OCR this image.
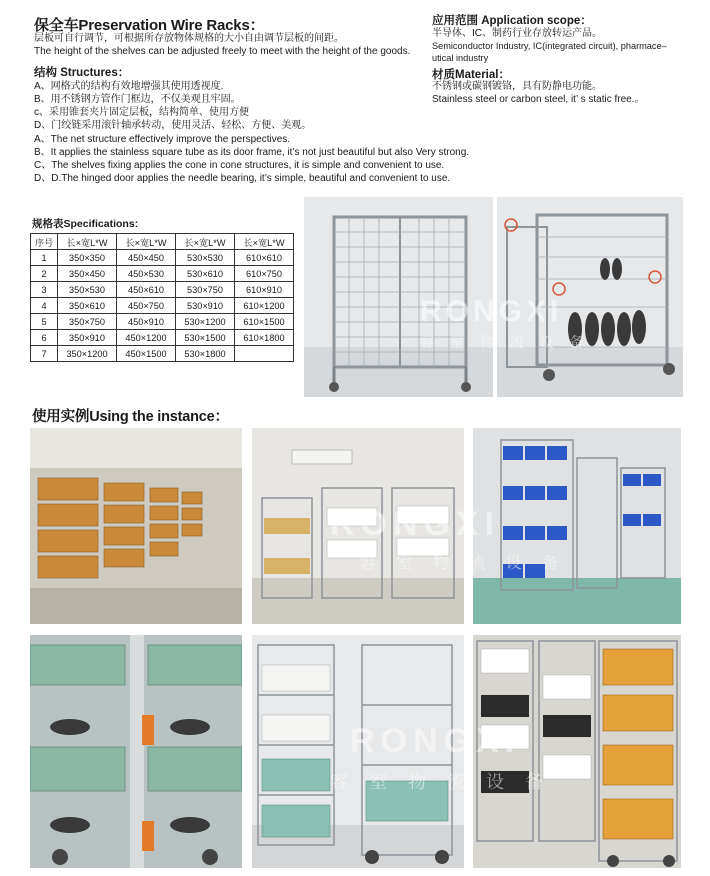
保全车Preservation Wire Racks：
层板可自行调节，可根据所存放物体规格的大小自由调节层板的间距。
The height of the shelves can be adjusted freely to meet with the height of the goods.
结构 Structures：
A、网格式的结构有效地增强其使用透视度.
B、用不锈钢方管作门框边，不仅美观且牢固。
c、采用锥套夹片固定层板，结构简单、使用方便
D、门绞链采用滚针轴承转动，使用灵活、轻松、方便、美观。
A、The net structure effectively improve the perspectives.
B、It applies the stainless square tube as its door frame, it’s not just beautiful but also Very strong.
C、The shelves fixing applies the cone in cone structures, it is simple and convenient to use.
D、D.The hinged door applies the needle bearing, it’s simple, beautiful and convenient to use.
应用范围 Application scope：
半导体、IC、制药行业存放转运产品。
Semiconductor Industry, IC(integrated circuit), pharmace–
utical industry
材质Material：
不锈钢或碳钢镀铬，具有防静电功能。
Stainless steel or carbon steel, it’ s static free.。
规格表Specifications:
序号	长×宽L*W	长×宽L*W	长×宽L*W	长×宽L*W
1	350×350	450×450	530×530	610×610
2	350×450	450×530	530×610	610×750
3	350×530	450×610	530×750	610×910
4	350×610	450×750	530×910	610×1200
5	350×750	450×910	530×1200	610×1500
6	350×910	450×1200	530×1500	610×1800
7	350×1200	450×1500	530×1800	
使用实例Using the instance：
RONGXI
容 室 物 流 设 备
RONGXI
容 室 物 流 设 备
RONGXI
容 室 物 流 设 备
